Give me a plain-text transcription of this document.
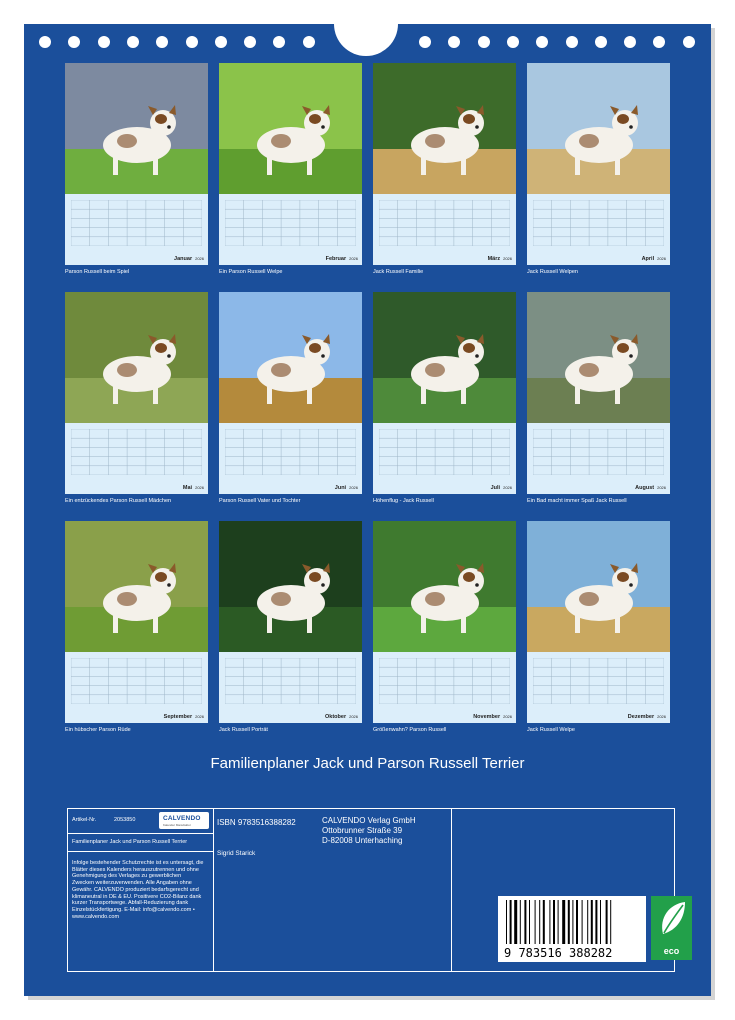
Januar 2026
Parson Russell beim Spiel
Februar 2026
Ein Parson Russell Welpe
März 2026
Jack Russell Familie
April 2026
Jack Russell Welpen
Mai 2026
Ein entzückendes Parson Russell Mädchen
Juni 2026
Parson Russell Vater und Tochter
Juli 2026
Höhenflug - Jack Russell
August 2026
Ein Bad macht immer Spaß Jack Russell
September 2026
Ein hübscher Parson Rüde
Oktober 2026
Jack Russell Porträt
November 2026
Größenwahn? Parson Russell
Dezember 2026
Jack Russell Welpe
Familienplaner Jack und Parson Russell Terrier
Artikel-Nr.	2053850	CALVENDO
Kalender Manufaktur
Familienplaner Jack und Parson Russell Terrier
Infolge bestehender Schutzrechte ist es untersagt, die Blätter dieses Kalenders herauszutrennen und ohne Genehmigung des Verlages zu gewerblichen Zwecken weiterzuverwenden. Alle Angaben ohne Gewähr. CALVENDO produziert bedarfsgerecht und klimaneutral in DE & EU. Positivere CO2-Bilanz dank kurzer Transportwege. Abfall-Reduzierung dank Einzelstückfertigung. E-Mail: info@calvendo.com • www.calvendo.com
ISBN 9783516388282
Sigrid Starick
CALVENDO Verlag GmbH
Ottobrunner Straße 39
D-82008 Unterhaching
9 783516 388282	eco
